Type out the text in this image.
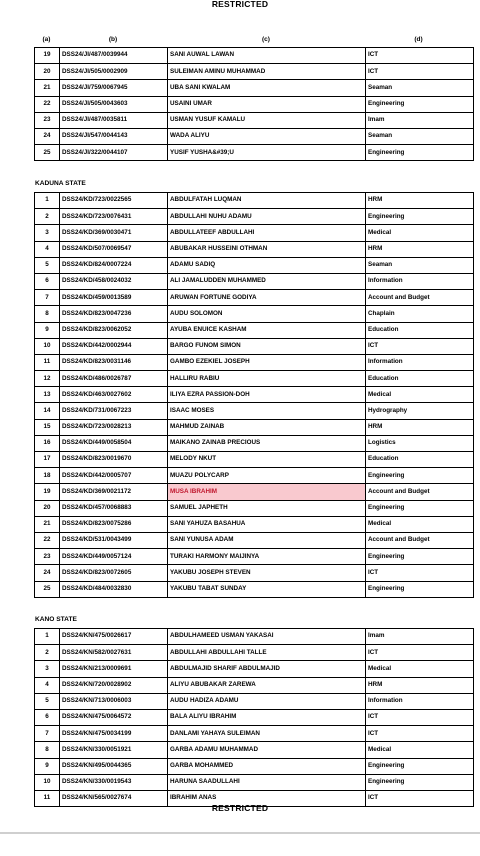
RESTRICTED
(a)	(b)	(c)	(d)
19	DSS24/JI/487/0039944	SANI AUWAL LAWAN	ICT
20	DSS24/JI/505/0002909	SULEIMAN AMINU MUHAMMAD	ICT
21	DSS24/JI/759/0067945	UBA SANI KWALAM	Seaman
22	DSS24/JI/505/0043603	USAINI UMAR	Engineering
23	DSS24/JI/487/0035811	USMAN YUSUF KAMALU	Imam
24	DSS24/JI/547/0044143	WADA ALIYU	Seaman
25	DSS24/JI/322/0044107	YUSIF YUSHA&#39;U	Engineering
KADUNA STATE
1	DSS24/KD/723/0022565	ABDULFATAH LUQMAN	HRM
2	DSS24/KD/723/0076431	ABDULLAHI NUHU ADAMU	Engineering
3	DSS24/KD/369/0030471	ABDULLATEEF ABDULLAHI	Medical
4	DSS24/KD/507/0069547	ABUBAKAR HUSSEINI OTHMAN	HRM
5	DSS24/KD/824/0007224	ADAMU SADIQ	Seaman
6	DSS24/KD/458/0024032	ALI JAMALUDDEN MUHAMMED	Information
7	DSS24/KD/459/0013589	ARUWAN FORTUNE GODIYA	Account and Budget
8	DSS24/KD/823/0047236	AUDU SOLOMON	Chaplain
9	DSS24/KD/823/0062052	AYUBA ENUICE KASHAM	Education
10	DSS24/KD/442/0002944	BARGO FUNOM SIMON	ICT
11	DSS24/KD/823/0031146	GAMBO EZEKIEL JOSEPH	Information
12	DSS24/KD/486/0026787	HALLIRU RABIU	Education
13	DSS24/KD/463/0027602	ILIYA EZRA PASSION-DOH	Medical
14	DSS24/KD/731/0067223	ISAAC MOSES	Hydrography
15	DSS24/KD/723/0028213	MAHMUD ZAINAB	HRM
16	DSS24/KD/449/0058504	MAIKANO ZAINAB PRECIOUS	Logistics
17	DSS24/KD/823/0019670	MELODY NKUT	Education
18	DSS24/KD/442/0005707	MUAZU POLYCARP	Engineering
19	DSS24/KD/369/0021172	MUSA IBRAHIM	Account and Budget
20	DSS24/KD/457/0068883	SAMUEL JAPHETH	Engineering
21	DSS24/KD/823/0075286	SANI YAHUZA BASAHUA	Medical
22	DSS24/KD/531/0043499	SANI YUNUSA ADAM	Account and Budget
23	DSS24/KD/449/0057124	TURAKI HARMONY MAIJINYA	Engineering
24	DSS24/KD/823/0072605	YAKUBU JOSEPH STEVEN	ICT
25	DSS24/KD/484/0032830	YAKUBU TABAT SUNDAY	Engineering
KANO STATE
1	DSS24/KN/475/0026617	ABDULHAMEED USMAN YAKASAI	Imam
2	DSS24/KN/582/0027631	ABDULLAHI ABDULLAHI TALLE	ICT
3	DSS24/KN/213/0009691	ABDULMAJID SHARIF ABDULMAJID	Medical
4	DSS24/KN/720/0028902	ALIYU ABUBAKAR ZAREWA	HRM
5	DSS24/KN/713/0006003	AUDU HADIZA ADAMU	Information
6	DSS24/KN/475/0064572	BALA ALIYU IBRAHIM	ICT
7	DSS24/KN/475/0034199	DANLAMI YAHAYA SULEIMAN	ICT
8	DSS24/KN/330/0051921	GARBA ADAMU MUHAMMAD	Medical
9	DSS24/KN/495/0044365	GARBA MOHAMMED	Engineering
10	DSS24/KN/330/0019543	HARUNA SAADULLAHI	Engineering
11	DSS24/KN/565/0027674	IBRAHIM ANAS	ICT
RESTRICTED
